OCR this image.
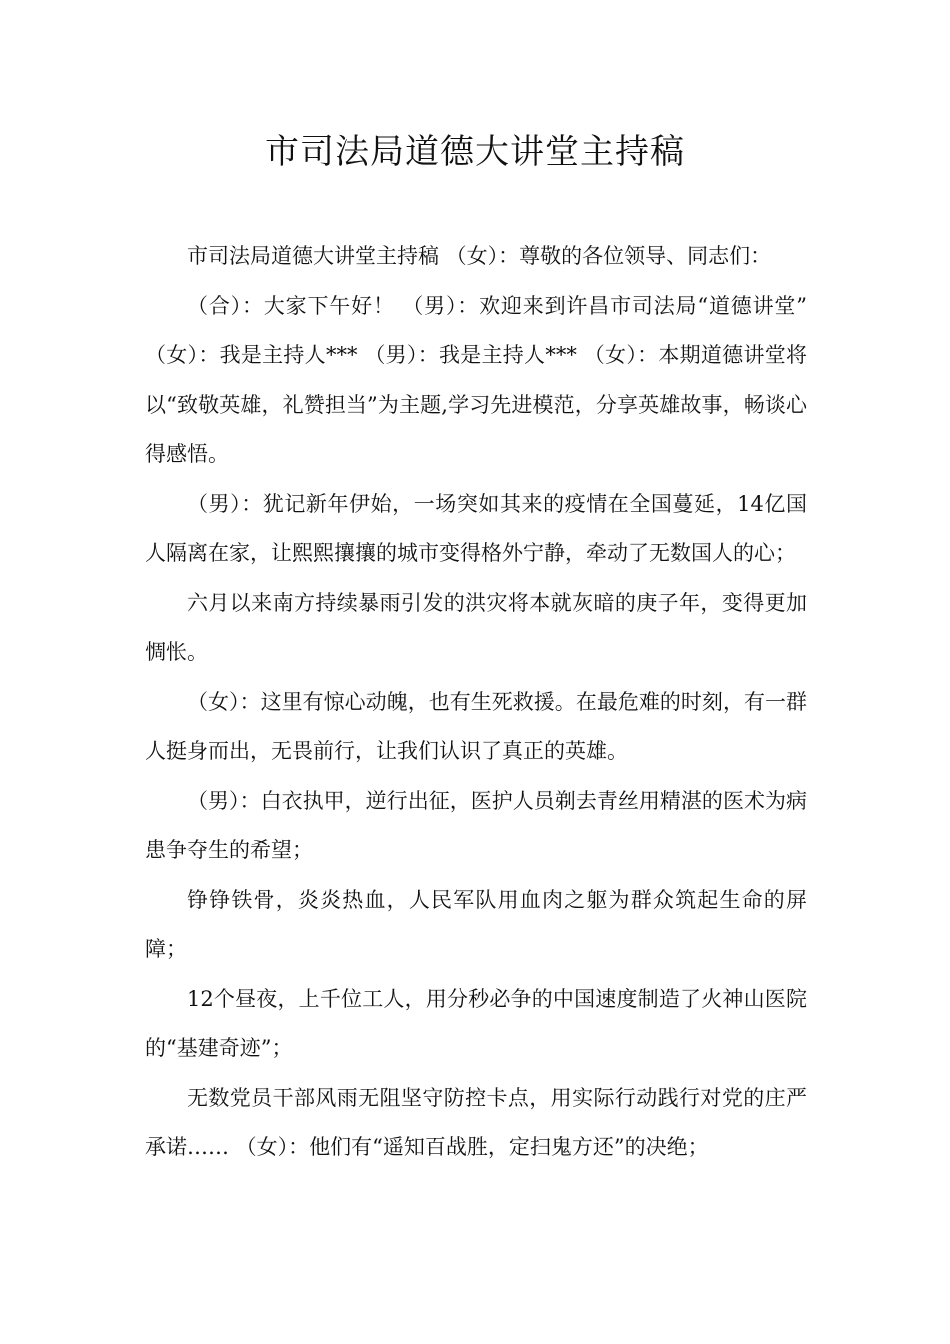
市司法局道德大讲堂主持稿

市司法局道德大讲堂主持稿 （女）：尊敬的各位领导、同志们：

（合）：大家下午好！ （男）：欢迎来到许昌市司法局“道德讲堂” （女）：我是主持人*** （男）：我是主持人*** （女）：本期道德讲堂将以“致敬英雄，礼赞担当”为主题,学习先进模范，分享英雄故事，畅谈心得感悟。

（男）：犹记新年伊始，一场突如其来的疫情在全国蔓延，14亿国人隔离在家，让熙熙攘攘的城市变得格外宁静，牵动了无数国人的心；

六月以来南方持续暴雨引发的洪灾将本就灰暗的庚子年，变得更加惆怅。

（女）：这里有惊心动魄，也有生死救援。在最危难的时刻，有一群人挺身而出，无畏前行，让我们认识了真正的英雄。

（男）：白衣执甲，逆行出征，医护人员剃去青丝用精湛的医术为病患争夺生的希望；

铮铮铁骨，炎炎热血，人民军队用血肉之躯为群众筑起生命的屏障；

12个昼夜，上千位工人，用分秒必争的中国速度制造了火神山医院的“基建奇迹”；

无数党员干部风雨无阻坚守防控卡点，用实际行动践行对党的庄严承诺…… （女）：他们有“遥知百战胜，定扫鬼方还”的决绝；
